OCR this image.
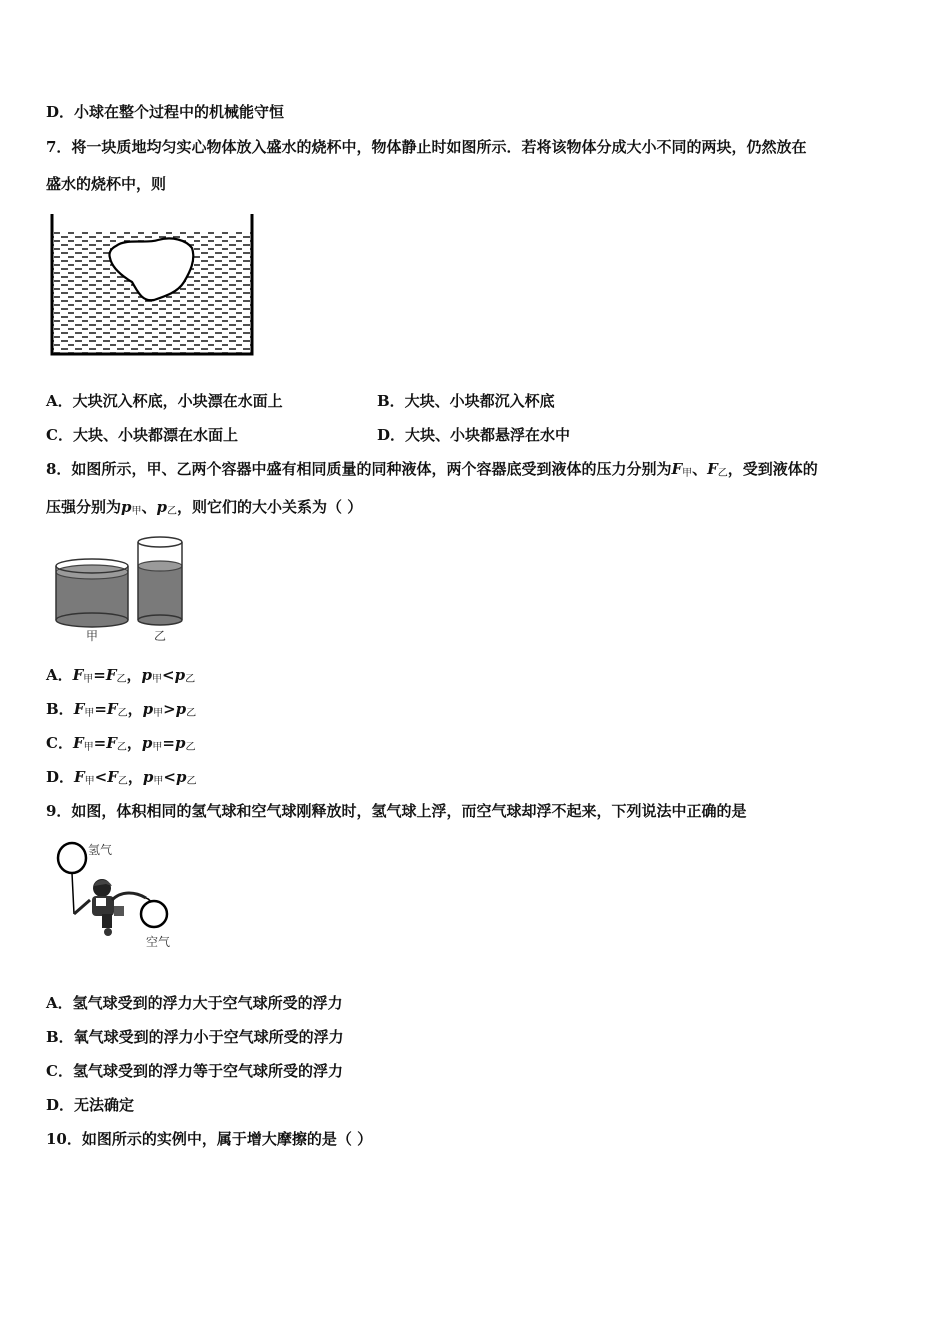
D．小球在整个过程中的机械能守恒
7．将一块质地均匀实心物体放入盛水的烧杯中，物体静止时如图所示．若将该物体分成大小不同的两块，仍然放在
盛水的烧杯中，则
A．大块沉入杯底，小块漂在水面上	B．大块、小块都沉入杯底
C．大块、小块都漂在水面上	D．大块、小块都悬浮在水中
8．如图所示，甲、乙两个容器中盛有相同质量的同种液体，两个容器底受到液体的压力分别为$F_甲$、$F_乙$，受到液体的
压强分别为$p_甲$、$p_乙$，则它们的大小关系为（ ）
甲	乙
A．$F_甲=F_乙$，$p_甲<p_乙$
B．$F_甲=F_乙$，$p_甲>p_乙$
C．$F_甲=F_乙$，$p_甲=p_乙$
D．$F_甲<F_乙$，$p_甲<p_乙$
9．如图，体积相同的氢气球和空气球刚释放时，氢气球上浮，而空气球却浮不起来，下列说法中正确的是
氢气
空气
A．氢气球受到的浮力大于空气球所受的浮力
B．氧气球受到的浮力小于空气球所受的浮力
C．氢气球受到的浮力等于空气球所受的浮力
D．无法确定
10．如图所示的实例中，属于增大摩擦的是（ ）
